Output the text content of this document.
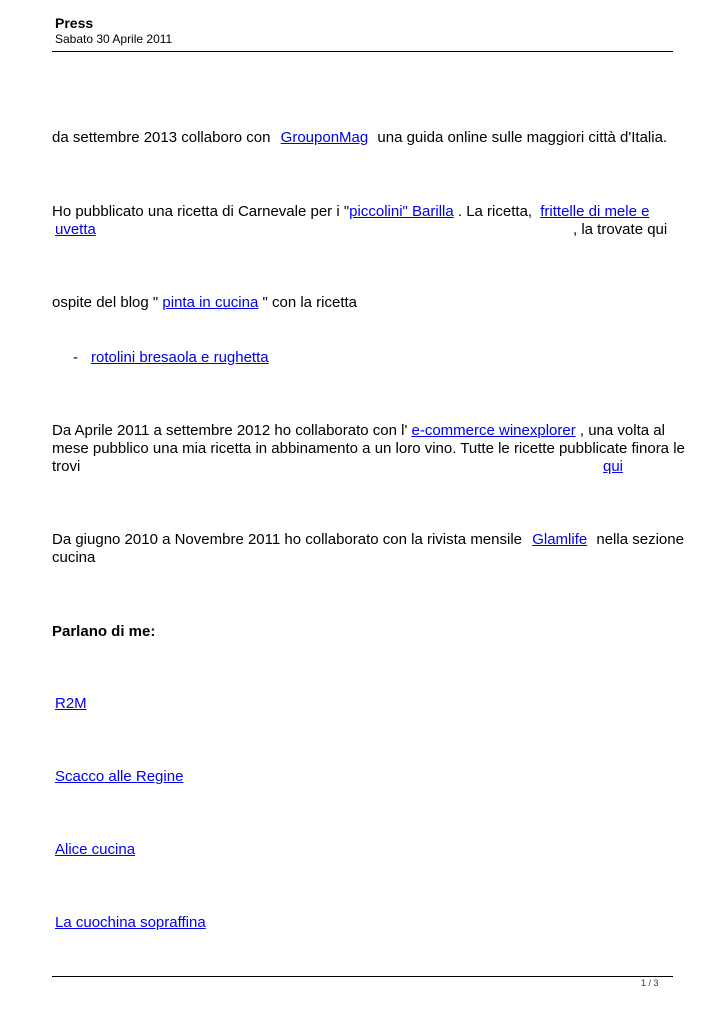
Press
Sabato 30 Aprile 2011
da settembre 2013 collaboro con GrouponMag una guida online sulle maggiori città d'Italia.
Ho pubblicato una ricetta di Carnevale per i "piccolini" Barilla . La ricetta, frittelle di mele e
uvetta	, la trovate qui
ospite del blog " pinta in cucina " con la ricetta
- rotolini bresaola e rughetta
Da Aprile 2011 a settembre 2012 ho collaborato con l' e-commerce winexplorer , una volta al
mese pubblico una mia ricetta in abbinamento a un loro vino. Tutte le ricette pubblicate finora le
trovi	qui
Da giugno 2010 a Novembre 2011 ho collaborato con la rivista mensile Glamlife nella sezione
cucina
Parlano di me:
R2M
Scacco alle Regine
Alice cucina
La cuochina sopraffina
1 / 3
